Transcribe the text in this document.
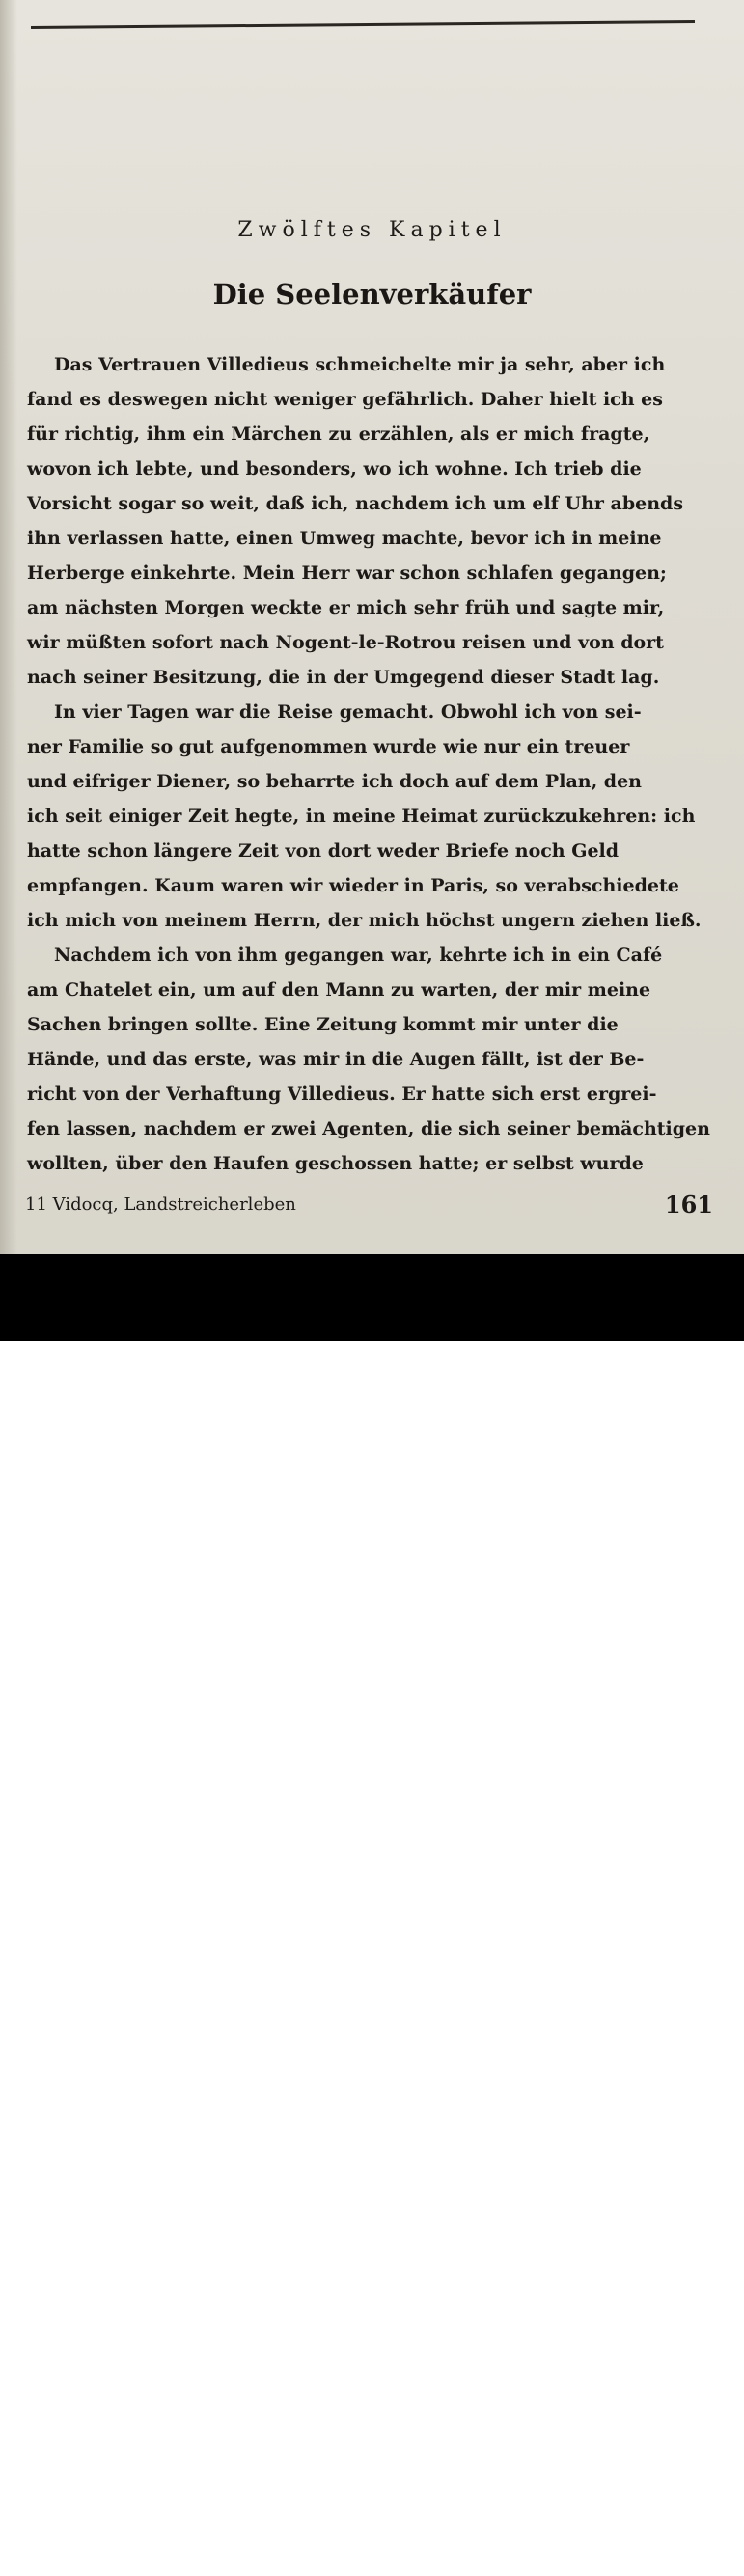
Zwölftes Kapitel
Die Seelenverkäufer
Das Vertrauen Villedieus schmeichelte mir ja sehr, aber ich
fand es deswegen nicht weniger gefährlich. Daher hielt ich es
für richtig, ihm ein Märchen zu erzählen, als er mich fragte,
wovon ich lebte, und besonders, wo ich wohne. Ich trieb die
Vorsicht sogar so weit, daß ich, nachdem ich um elf Uhr abends
ihn verlassen hatte, einen Umweg machte, bevor ich in meine
Herberge einkehrte. Mein Herr war schon schlafen gegangen;
am nächsten Morgen weckte er mich sehr früh und sagte mir,
wir müßten sofort nach Nogent-le-Rotrou reisen und von dort
nach seiner Besitzung, die in der Umgegend dieser Stadt lag.
In vier Tagen war die Reise gemacht. Obwohl ich von sei-
ner Familie so gut aufgenommen wurde wie nur ein treuer
und eifriger Diener, so beharrte ich doch auf dem Plan, den
ich seit einiger Zeit hegte, in meine Heimat zurückzukehren: ich
hatte schon längere Zeit von dort weder Briefe noch Geld
empfangen. Kaum waren wir wieder in Paris, so verabschiedete
ich mich von meinem Herrn, der mich höchst ungern ziehen ließ.
Nachdem ich von ihm gegangen war, kehrte ich in ein Café
am Chatelet ein, um auf den Mann zu warten, der mir meine
Sachen bringen sollte. Eine Zeitung kommt mir unter die
Hände, und das erste, was mir in die Augen fällt, ist der Be-
richt von der Verhaftung Villedieus. Er hatte sich erst ergrei-
fen lassen, nachdem er zwei Agenten, die sich seiner bemächtigen
wollten, über den Haufen geschossen hatte; er selbst wurde
11 Vidocq, Landstreicherleben	161
alamy	P75235
www.alamy.com
